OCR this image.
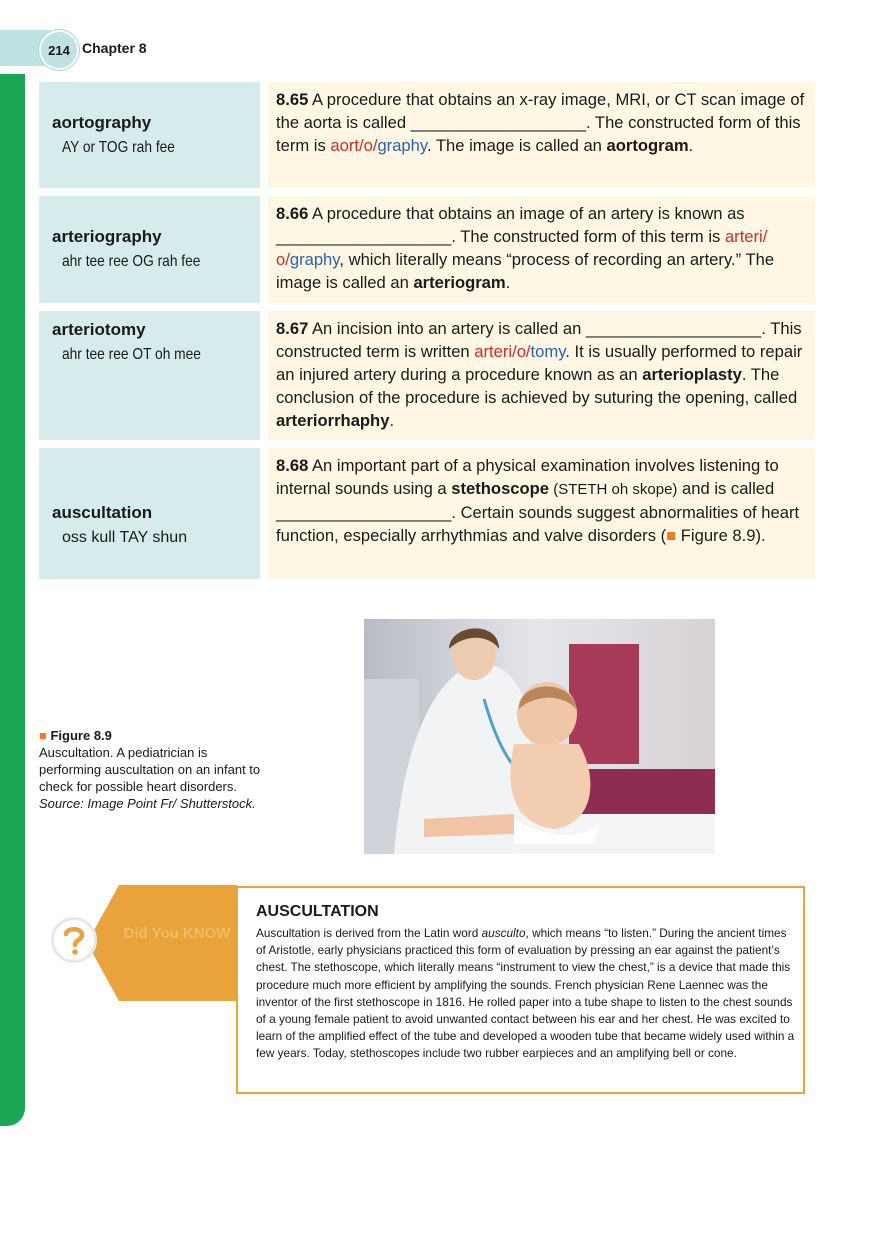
214 Chapter 8
aortography
AY or TOG rah fee
8.65 A procedure that obtains an x-ray image, MRI, or CT scan image of the aorta is called ___________________. The constructed form of this term is aort/o/graphy. The image is called an aortogram.
arteriography
ahr tee ree OG rah fee
8.66 A procedure that obtains an image of an artery is known as ___________________. The constructed form of this term is arteri/ o/graphy, which literally means “process of recording an artery.” The image is called an arteriogram.
arteriotomy
ahr tee ree OT oh mee
8.67 An incision into an artery is called an ___________________. This constructed term is written arteri/o/tomy. It is usually performed to repair an injured artery during a procedure known as an arterioplasty. The conclusion of the procedure is achieved by suturing the opening, called arteriorrhaphy.
auscultation
oss kull TAY shun
8.68 An important part of a physical examination involves listening to internal sounds using a stethoscope (STETH oh skope) and is called ___________________. Certain sounds suggest abnormalities of heart function, especially arrhythmias and valve disorders (■ Figure 8.9).
■ Figure 8.9
Auscultation. A pediatrician is performing auscultation on an infant to check for possible heart disorders.
Source: Image Point Fr/ Shutterstock.
Did You KNOW
AUSCULTATION
Auscultation is derived from the Latin word ausculto, which means “to listen.” During the ancient times of Aristotle, early physicians practiced this form of evaluation by pressing an ear against the patient’s chest. The stethoscope, which literally means “instrument to view the chest,” is a device that made this procedure much more efficient by amplifying the sounds. French physician Rene Laennec was the inventor of the first stethoscope in 1816. He rolled paper into a tube shape to listen to the chest sounds of a young female patient to avoid unwanted contact between his ear and her chest. He was excited to learn of the amplified effect of the tube and developed a wooden tube that became widely used within a few years. Today, stethoscopes include two rubber earpieces and an amplifying bell or cone.
